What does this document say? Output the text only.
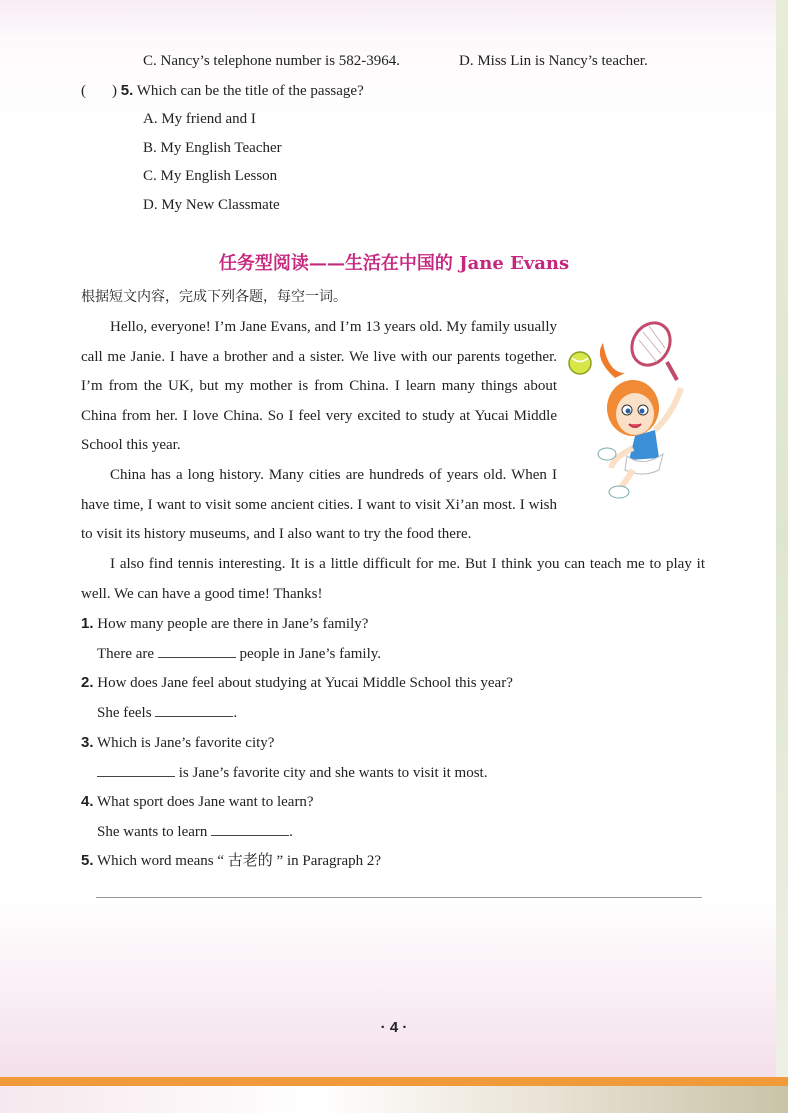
C. Nancy’s telephone number is 582-3964.	D. Miss Lin is Nancy’s teacher.
( ) 5. Which can be the title of the passage?
A. My friend and I
B. My English Teacher
C. My English Lesson
D. My New Classmate
任务型阅读——生活在中国的 Jane Evans
根据短文内容，完成下列各题，每空一词。
Hello, everyone! I’m Jane Evans, and I’m 13 years old. My family usually call me Janie. I have a brother and a sister. We live with our parents together. I’m from the UK, but my mother is from China. I learn many things about China from her. I love China. So I feel very excited to study at Yucai Middle School this year.
China has a long history. Many cities are hundreds of years old. When I have time, I want to visit some ancient cities. I want to visit Xi’an most. I wish to visit its history museums, and I also want to try the food there.
I also find tennis interesting. It is a little difficult for me. But I think you can teach me to play it well. We can have a good time! Thanks!
1. How many people are there in Jane’s family?
There are	people in Jane’s family.
2. How does Jane feel about studying at Yucai Middle School this year?
She feels	.
3. Which is Jane’s favorite city?
is Jane’s favorite city and she wants to visit it most.
4. What sport does Jane want to learn?
She wants to learn	.
5. Which word means “ 古老的 ” in Paragraph 2?
· 4 ·
